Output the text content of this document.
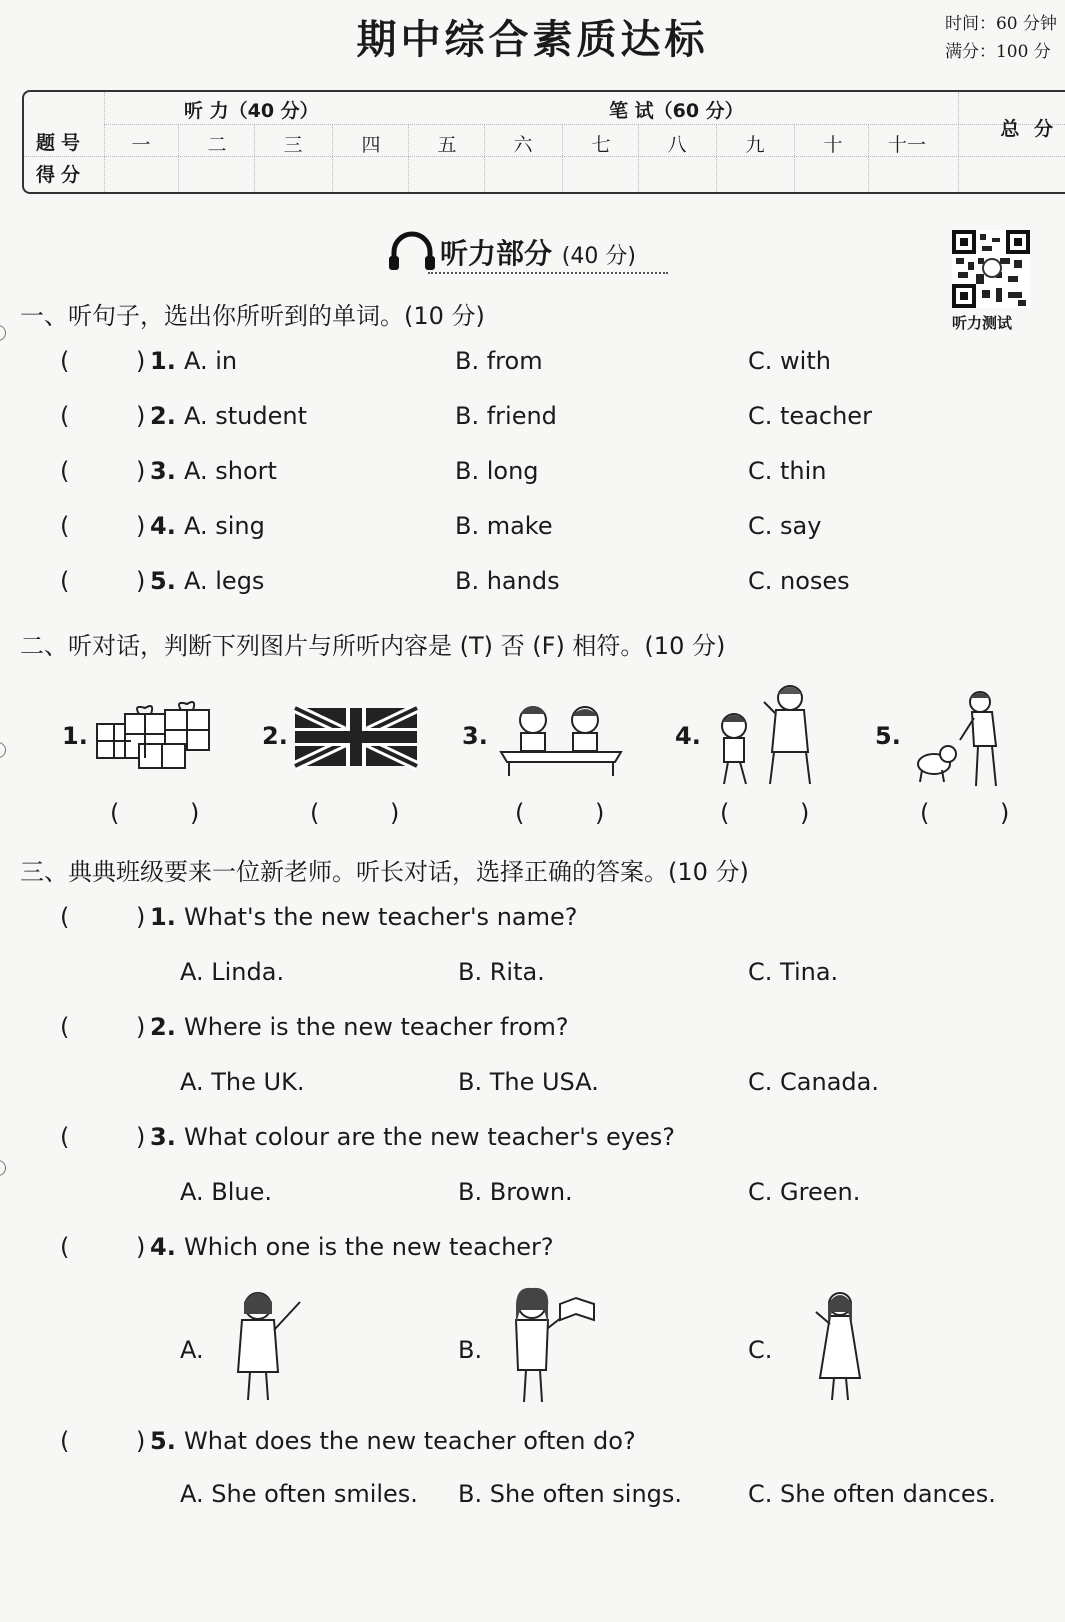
期中综合素质达标	时间：60 分钟
满分：100 分
听 力（40 分）	笔 试（60 分）
题号
得分
一	二	三	四	五	六	七	八	九	十	十一
总 分
听力部分 (40 分)
听力测试
一、听句子，选出你所听到的单词。(10 分)
(	) 1. A. in	B. from	C. with
(	) 2. A. student	B. friend	C. teacher
(	) 3. A. short	B. long	C. thin
(	) 4. A. sing	B. make	C. say
(	) 5. A. legs	B. hands	C. noses
二、听对话，判断下列图片与所听内容是 (T) 否 (F) 相符。(10 分)
1.	2.	3.	4.	5.
(	)	(	)	(	)	(	)	(	)
三、典典班级要来一位新老师。听长对话，选择正确的答案。(10 分)
(	) 1. What's the new teacher's name?
A. Linda.	B. Rita.	C. Tina.
(	) 2. Where is the new teacher from?
A. The UK.	B. The USA.	C. Canada.
(	) 3. What colour are the new teacher's eyes?
A. Blue.	B. Brown.	C. Green.
(	) 4. Which one is the new teacher?
A.	B.	C.
(	) 5. What does the new teacher often do?
A. She often smiles. B. She often sings.	C. She often dances.
